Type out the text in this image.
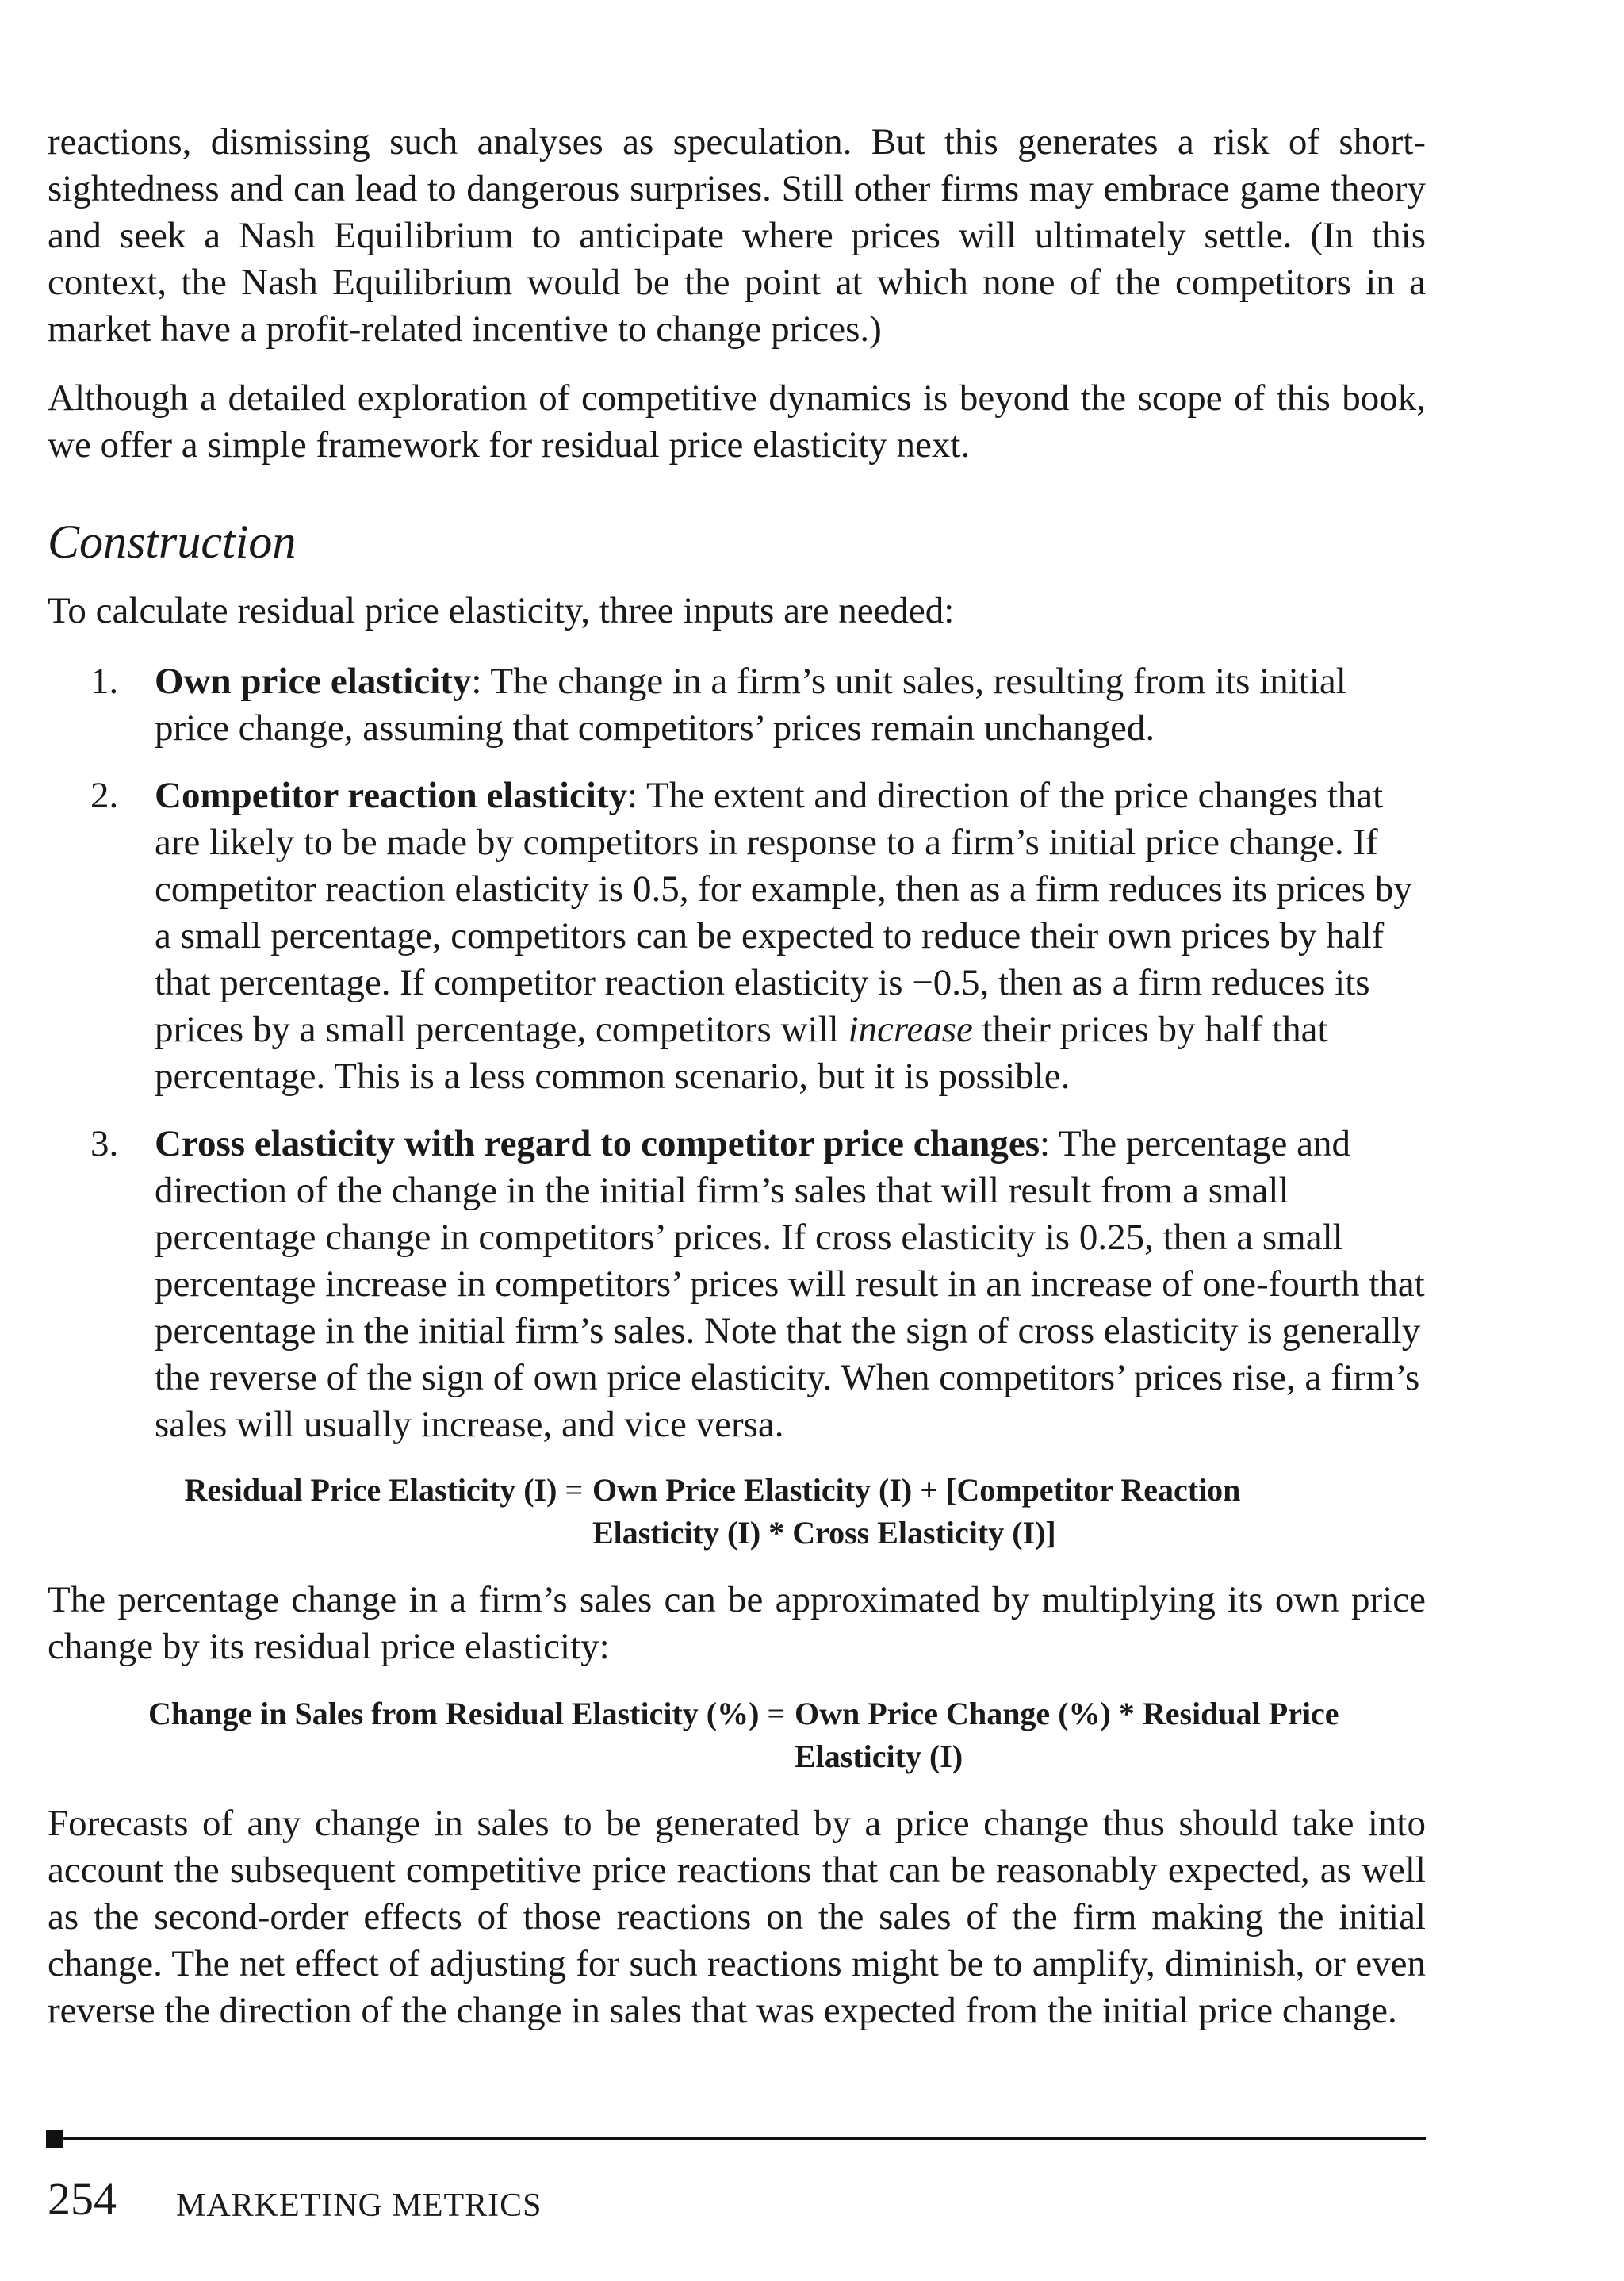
reactions, dismissing such analyses as speculation. But this generates a risk of short-sightedness and can lead to dangerous surprises. Still other firms may embrace game theory and seek a Nash Equilibrium to anticipate where prices will ultimately settle. (In this context, the Nash Equilibrium would be the point at which none of the competitors in a market have a profit-related incentive to change prices.)

Although a detailed exploration of competitive dynamics is beyond the scope of this book, we offer a simple framework for residual price elasticity next.

Construction

To calculate residual price elasticity, three inputs are needed:

1. Own price elasticity: The change in a firm’s unit sales, resulting from its initial price change, assuming that competitors’ prices remain unchanged.
2. Competitor reaction elasticity: The extent and direction of the price changes that are likely to be made by competitors in response to a firm’s initial price change. If competitor reaction elasticity is 0.5, for example, then as a firm reduces its prices by a small percentage, competitors can be expected to reduce their own prices by half that percentage. If competitor reaction elasticity is −0.5, then as a firm reduces its prices by a small percentage, competitors will increase their prices by half that percentage. This is a less common scenario, but it is possible.
3. Cross elasticity with regard to competitor price changes: The percentage and direction of the change in the initial firm’s sales that will result from a small percentage change in competitors’ prices. If cross elasticity is 0.25, then a small percentage increase in competitors’ prices will result in an increase of one-fourth that percentage in the initial firm’s sales. Note that the sign of cross elasticity is generally the reverse of the sign of own price elasticity. When competitors’ prices rise, a firm’s sales will usually increase, and vice versa.
Residual Price Elasticity (I) = Own Price Elasticity (I) + [Competitor Reaction Elasticity (I) * Cross Elasticity (I)]

The percentage change in a firm’s sales can be approximated by multiplying its own price change by its residual price elasticity:

Change in Sales from Residual Elasticity (%) = Own Price Change (%) * Residual Price Elasticity (I)

Forecasts of any change in sales to be generated by a price change thus should take into account the subsequent competitive price reactions that can be reasonably expected, as well as the second-order effects of those reactions on the sales of the firm making the initial change. The net effect of adjusting for such reactions might be to amplify, diminish, or even reverse the direction of the change in sales that was expected from the initial price change.

254 MARKETING METRICS
